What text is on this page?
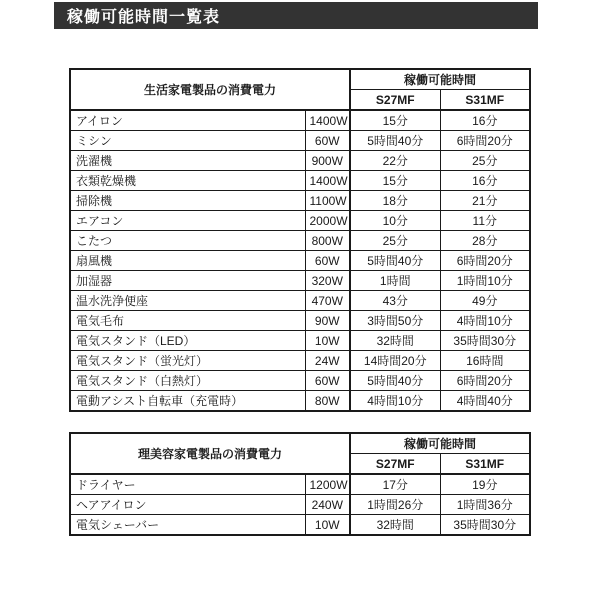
稼働可能時間一覧表
生活家電製品の消費電力		稼働可能時間	
		S27MF	S31MF
アイロン	1400W	15分	16分
ミシン	60W	5時間40分	6時間20分
洗濯機	900W	22分	25分
衣類乾燥機	1400W	15分	16分
掃除機	1100W	18分	21分
エアコン	2000W	10分	11分
こたつ	800W	25分	28分
扇風機	60W	5時間40分	6時間20分
加湿器	320W	1時間	1時間10分
温水洗浄便座	470W	43分	49分
電気毛布	90W	3時間50分	4時間10分
電気スタンド（LED）	10W	32時間	35時間30分
電気スタンド（蛍光灯）	24W	14時間20分	16時間
電気スタンド（白熱灯）	60W	5時間40分	6時間20分
電動アシスト自転車（充電時）	80W	4時間10分	4時間40分
理美容家電製品の消費電力		稼働可能時間	
		S27MF	S31MF
ドライヤー	1200W	17分	19分
ヘアアイロン	240W	1時間26分	1時間36分
電気シェーバー	10W	32時間	35時間30分
